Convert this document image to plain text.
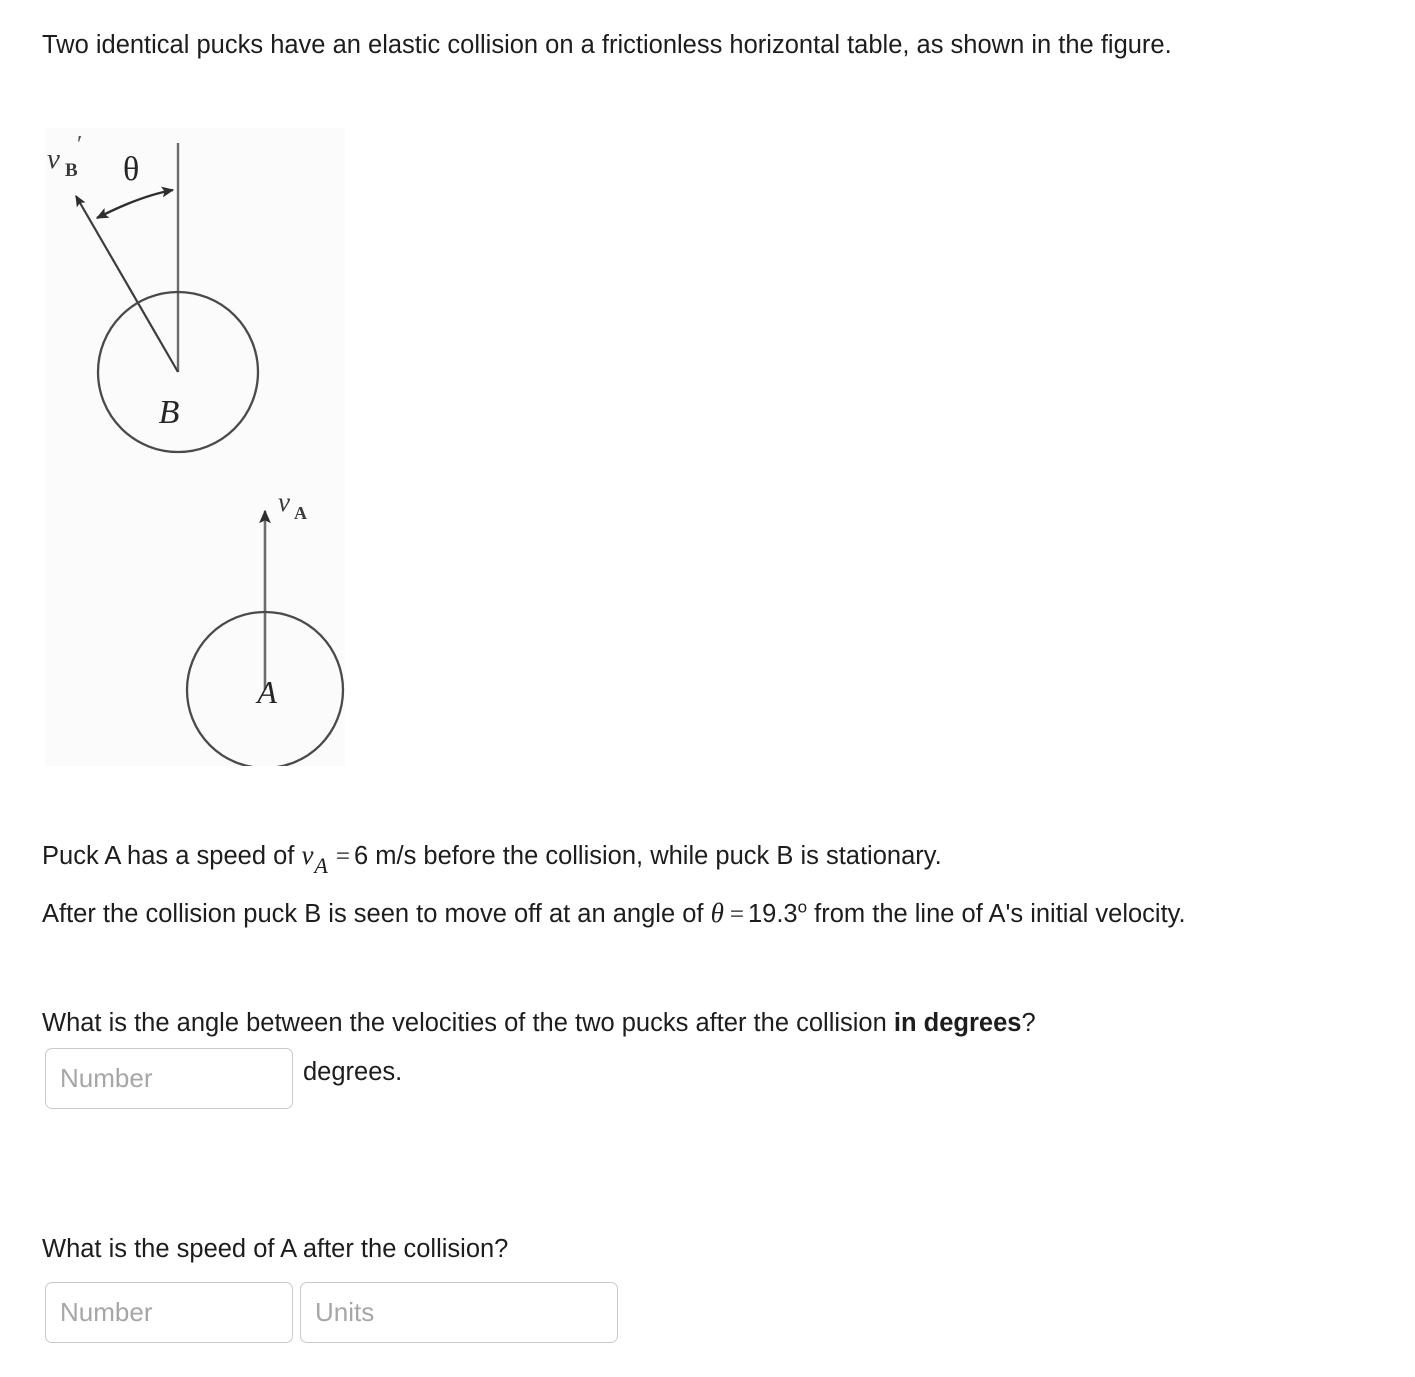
Two identical pucks have an elastic collision on a frictionless horizontal table, as shown in the figure.
v B
′
θ
B
v A
A
Puck A has a speed of vA = 6 m/s before the collision, while puck B is stationary.
After the collision puck B is seen to move off at an angle of $\theta = 19.3^o$ from the line of A's initial velocity.
What is the angle between the velocities of the two pucks after the collision in degrees?
Number
degrees.
What is the speed of A after the collision?
Number
Units
